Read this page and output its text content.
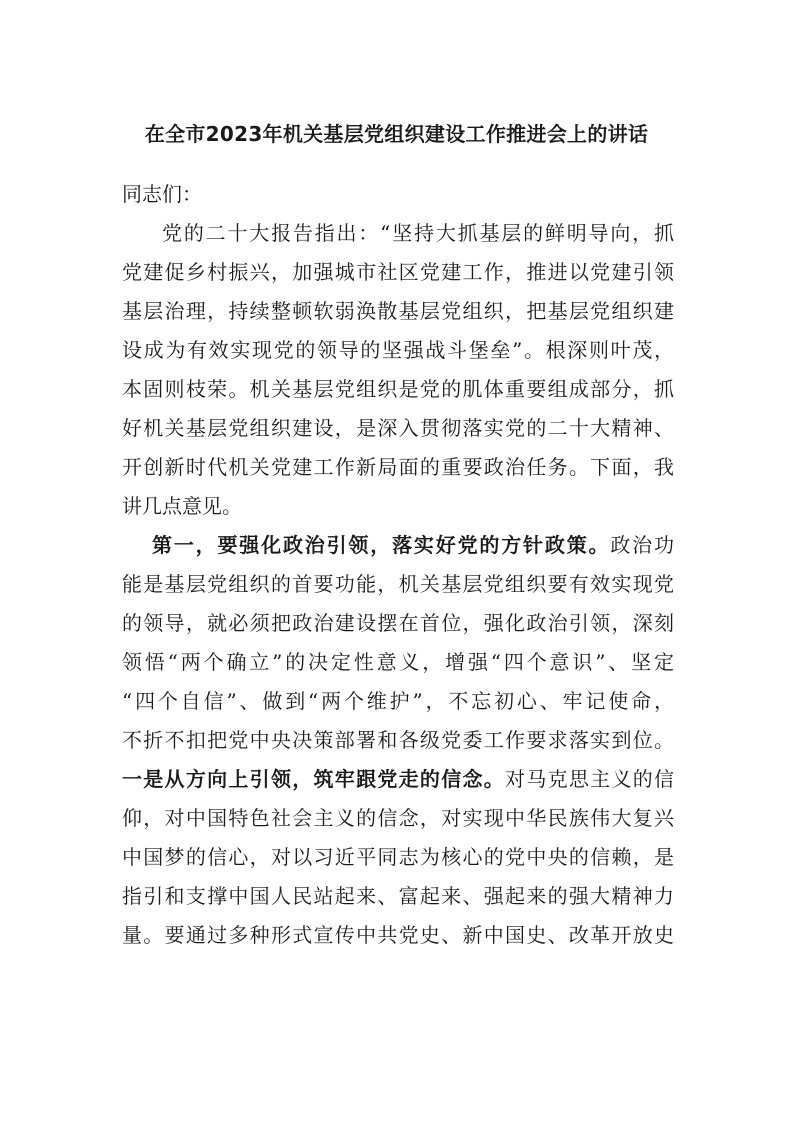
在全市2023年机关基层党组织建设工作推进会上的讲话
同志们：
党的二十大报告指出：“坚持大抓基层的鲜明导向，抓
党建促乡村振兴，加强城市社区党建工作，推进以党建引领
基层治理，持续整顿软弱涣散基层党组织，把基层党组织建
设成为有效实现党的领导的坚强战斗堡垒”。根深则叶茂，
本固则枝荣。机关基层党组织是党的肌体重要组成部分，抓
好机关基层党组织建设，是深入贯彻落实党的二十大精神、
开创新时代机关党建工作新局面的重要政治任务。下面，我
讲几点意见。
第一，要强化政治引领，落实好党的方针政策。政治功
能是基层党组织的首要功能，机关基层党组织要有效实现党
的领导，就必须把政治建设摆在首位，强化政治引领，深刻
领悟“两个确立”的决定性意义，增强“四个意识”、坚定
“四个自信”、做到“两个维护”，不忘初心、牢记使命，
不折不扣把党中央决策部署和各级党委工作要求落实到位。
一是从方向上引领，筑牢跟党走的信念。对马克思主义的信
仰，对中国特色社会主义的信念，对实现中华民族伟大复兴
中国梦的信心，对以习近平同志为核心的党中央的信赖，是
指引和支撑中国人民站起来、富起来、强起来的强大精神力
量。要通过多种形式宣传中共党史、新中国史、改革开放史
